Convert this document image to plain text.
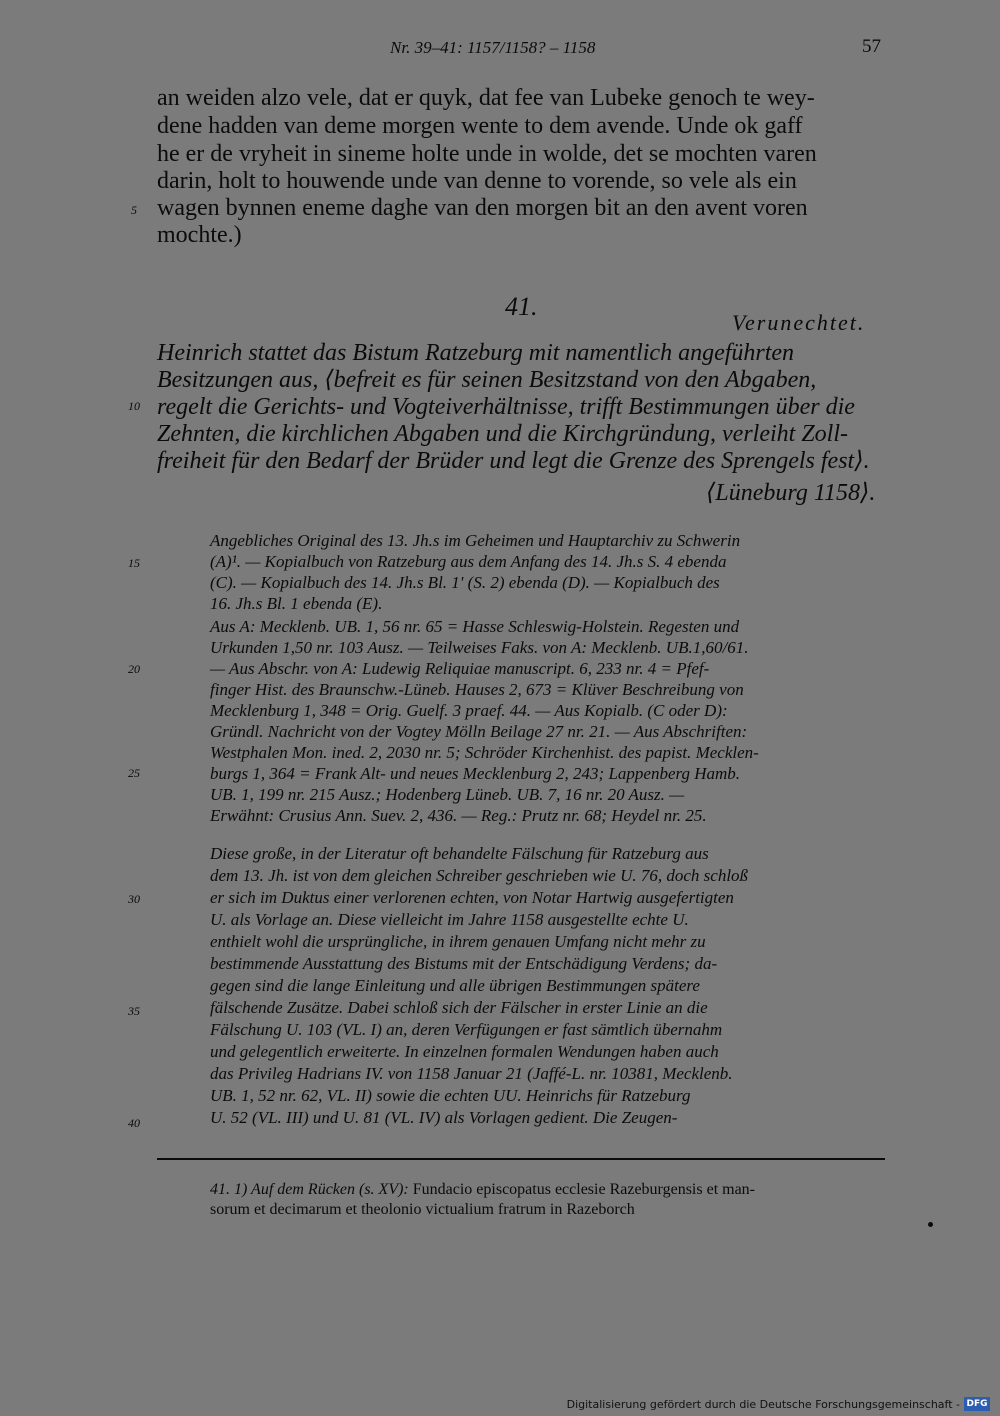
Nr. 39–41: 1157/1158? – 1158	57
an weiden alzo vele, dat er quyk, dat fee van Lubeke genoch te wey-
dene hadden van deme morgen wente to dem avende. Unde ok gaff
he er de vryheit in sineme holte unde in wolde, det se mochten varen
darin, holt to houwende unde van denne to vorende, so vele als ein
wagen bynnen eneme daghe van den morgen bit an den avent voren
mochte.)
5
10
15
20
25
30
35
40
41.
Verunechtet.
Heinrich stattet das Bistum Ratzeburg mit namentlich angeführten
Besitzungen aus, ⟨befreit es für seinen Besitzstand von den Abgaben,
regelt die Gerichts- und Vogteiverhältnisse, trifft Bestimmungen über die
Zehnten, die kirchlichen Abgaben und die Kirchgründung, verleiht Zoll-
freiheit für den Bedarf der Brüder und legt die Grenze des Sprengels fest⟩.
⟨Lüneburg 1158⟩.
Angebliches Original des 13. Jh.s im Geheimen und Hauptarchiv zu Schwerin
(A)¹. — Kopialbuch von Ratzeburg aus dem Anfang des 14. Jh.s S. 4 ebenda
(C). — Kopialbuch des 14. Jh.s Bl. 1' (S. 2) ebenda (D). — Kopialbuch des
16. Jh.s Bl. 1 ebenda (E).
Aus A: Mecklenb. UB. 1, 56 nr. 65 = Hasse Schleswig-Holstein. Regesten und
Urkunden 1,50 nr. 103 Ausz. — Teilweises Faks. von A: Mecklenb. UB.1,60/61.
— Aus Abschr. von A: Ludewig Reliquiae manuscript. 6, 233 nr. 4 = Pfef-
finger Hist. des Braunschw.-Lüneb. Hauses 2, 673 = Klüver Beschreibung von
Mecklenburg 1, 348 = Orig. Guelf. 3 praef. 44. — Aus Kopialb. (C oder D):
Gründl. Nachricht von der Vogtey Mölln Beilage 27 nr. 21. — Aus Abschriften:
Westphalen Mon. ined. 2, 2030 nr. 5; Schröder Kirchenhist. des papist. Mecklen-
burgs 1, 364 = Frank Alt- und neues Mecklenburg 2, 243; Lappenberg Hamb.
UB. 1, 199 nr. 215 Ausz.; Hodenberg Lüneb. UB. 7, 16 nr. 20 Ausz. —
Erwähnt: Crusius Ann. Suev. 2, 436. — Reg.: Prutz nr. 68; Heydel nr. 25.
Diese große, in der Literatur oft behandelte Fälschung für Ratzeburg aus
dem 13. Jh. ist von dem gleichen Schreiber geschrieben wie U. 76, doch schloß
er sich im Duktus einer verlorenen echten, von Notar Hartwig ausgefertigten
U. als Vorlage an. Diese vielleicht im Jahre 1158 ausgestellte echte U.
enthielt wohl die ursprüngliche, in ihrem genauen Umfang nicht mehr zu
bestimmende Ausstattung des Bistums mit der Entschädigung Verdens; da-
gegen sind die lange Einleitung und alle übrigen Bestimmungen spätere
fälschende Zusätze. Dabei schloß sich der Fälscher in erster Linie an die
Fälschung U. 103 (VL. I) an, deren Verfügungen er fast sämtlich übernahm
und gelegentlich erweiterte. In einzelnen formalen Wendungen haben auch
das Privileg Hadrians IV. von 1158 Januar 21 (Jaffé-L. nr. 10381, Mecklenb.
UB. 1, 52 nr. 62, VL. II) sowie die echten UU. Heinrichs für Ratzeburg
U. 52 (VL. III) und U. 81 (VL. IV) als Vorlagen gedient. Die Zeugen-
41. 1) Auf dem Rücken (s. XV): Fundacio episcopatus ecclesie Razeburgensis et man-
sorum et decimarum et theolonio victualium fratrum in Razeborch
Digitalisierung gefördert durch die Deutsche Forschungsgemeinschaft - DFG
